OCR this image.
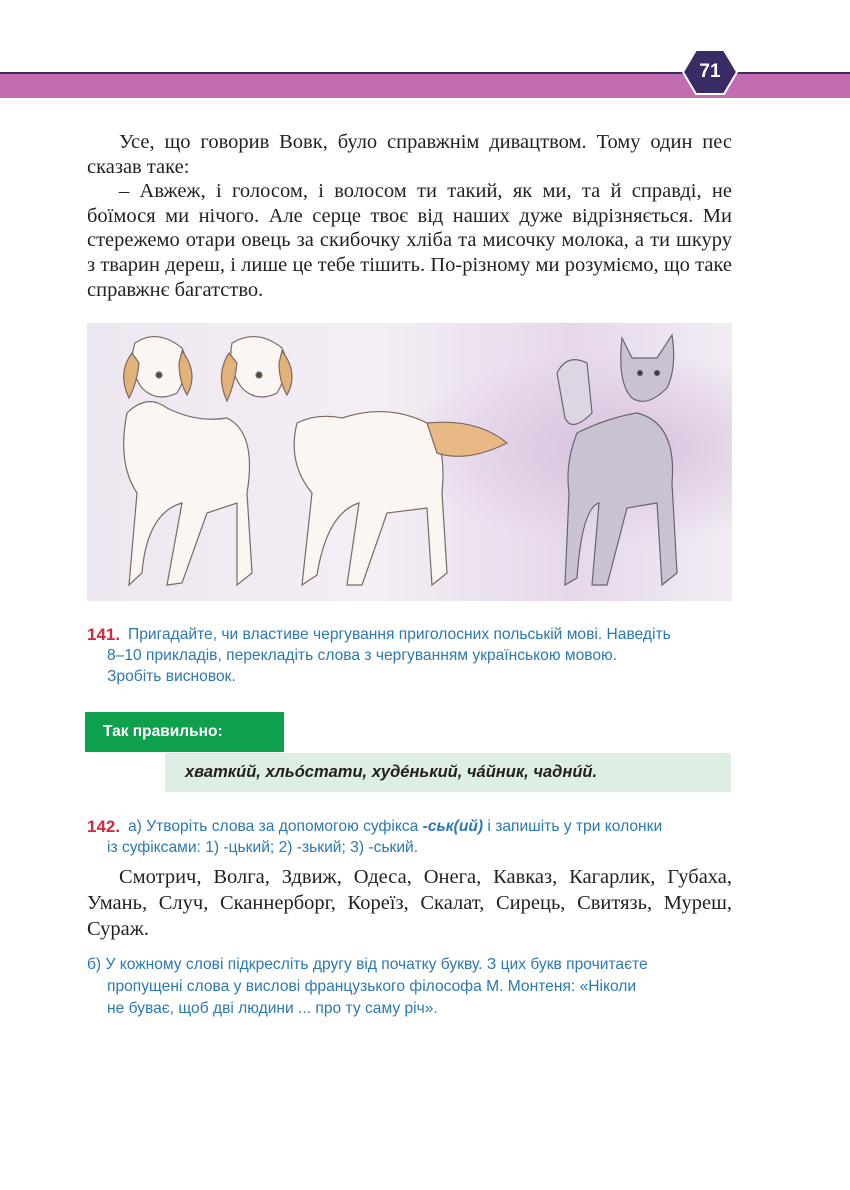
71

Усе, що говорив Вовк, було справжнім дивацтвом. Тому один пес сказав таке:

– Авжеж, і голосом, і волосом ти такий, як ми, та й справді, не боїмося ми нічого. Але серце твоє від наших дуже відрізняється. Ми стережемо отари овець за скибочку хліба та мисочку молока, а ти шкуру з тварин дереш, і лише це тебе тішить. По-різному ми розуміємо, що таке справжнє багатство.

141. Пригадайте, чи властиве чергування приголосних польській мові. Наведіть
8–10 прикладів, перекладіть слова з чергуванням українською мовою.
Зробіть висновок.
Так правильно:
хваткúй, хльóстати, худéнький, чáйник, чаднúй.
142. а) Утворіть слова за допомогою суфікса -ськ(ий) і запишіть у три колонки
із суфіксами: 1) -цький; 2) -зький; 3) -ський.

Смотрич, Волга, Здвиж, Одеса, Онега, Кавказ, Кагарлик, Губаха, Умань, Случ, Сканнерборг, Кореїз, Скалат, Сирець, Свитязь, Муреш, Сураж.

б) У кожному слові підкресліть другу від початку букву. З цих букв прочитаєте
пропущені слова у вислові французького філософа М. Монтеня: «Ніколи
не буває, щоб дві людини ... про ту саму річ».
